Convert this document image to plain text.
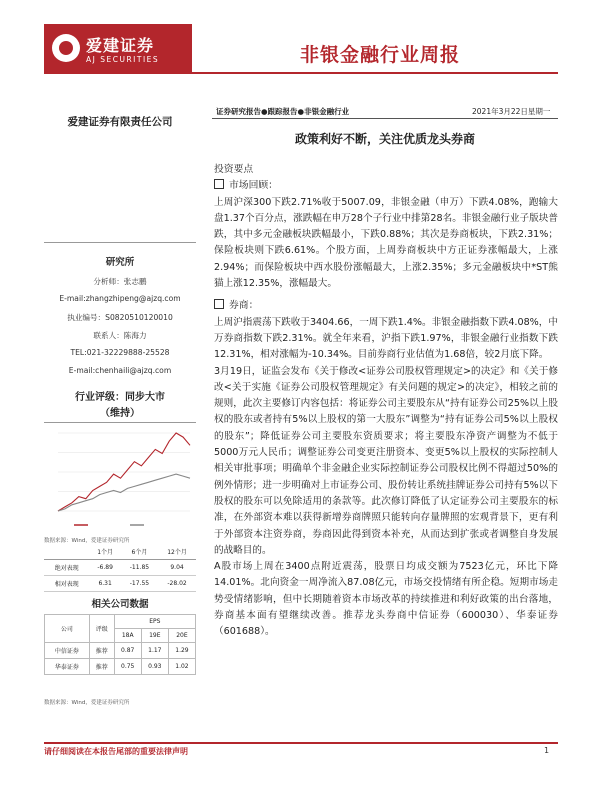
爱建证券
AJ SECURITIES	非银金融行业周报
爱建证券有限责任公司
研究所
分析师：张志鹏
E-mail:zhangzhipeng@ajzq.com
执业编号：S0820510120010
联系人：陈海力
TEL:021-32229888-25528
E-mail:chenhaili@ajzq.com
行业评级：同步大市
（维持）
数据来源：Wind，爱建证券研究所
	1个月	6个月	12个月
绝对表现	-6.89	-11.85	9.04
相对表现	6.31	-17.55	-28.02
相关公司数据
公司	评级	EPS		
		18A	19E	20E
中信证券	推荐	0.87	1.17	1.29
华泰证券	推荐	0.75	0.93	1.02
数据来源：Wind，爱建证券研究所
证券研究报告●跟踪报告●非银金融行业	2021年3月22日星期一
政策利好不断，关注优质龙头券商

投资要点

市场回顾：

上周沪深300下跌2.71%收于5007.09，非银金融（申万）下跌4.08%，跑输大盘1.37个百分点，涨跌幅在申万28个子行业中排第28名。非银金融行业子版块普跌，其中多元金融板块跌幅最小，下跌0.88%；其次是券商板块，下跌2.31%；保险板块则下跌6.61%。个股方面，上周券商板块中方正证券涨幅最大，上涨2.94%；而保险板块中西水股份涨幅最大，上涨2.35%；多元金融板块中*ST熊猫上涨12.35%，涨幅最大。

券商：

上周沪指震荡下跌收于3404.66，一周下跌1.4%。非银金融指数下跌4.08%，中万券商指数下跌2.31%。就全年来看，沪指下跌1.97%，非银金融行业指数下跌12.31%，相对涨幅为-10.34%。目前券商行业估值为1.68倍，较2月底下降。

3月19日，证监会发布《关于修改<证券公司股权管理规定>的决定》和《关于修改<关于实施《证券公司股权管理规定》有关问题的规定>的决定》，相较之前的规则，此次主要修订内容包括：将证券公司主要股东从“持有证券公司25%以上股权的股东或者持有5%以上股权的第一大股东”调整为“持有证券公司5%以上股权的股东”；降低证券公司主要股东资质要求；将主要股东净资产调整为不低于5000万元人民币；调整证券公司变更注册资本、变更5%以上股权的实际控制人相关审批事项；明确单个非金融企业实际控制证券公司股权比例不得超过50%的例外情形；进一步明确对上市证券公司、股份转让系统挂牌证券公司持有5%以下股权的股东可以免除适用的条款等。此次修订降低了认定证券公司主要股东的标准，在外部资本难以获得新增券商牌照只能转向存量牌照的宏观背景下，更有利于外部资本注资券商，券商因此得到资本补充，从而达到扩张或者调整自身发展的战略目的。

A股市场上周在3400点附近震荡，股票日均成交额为7523亿元，环比下降14.01%。北向资金一周净流入87.08亿元，市场交投情绪有所企稳。短期市场走势受情绪影响，但中长期随着资本市场改革的持续推进和利好政策的出台落地，券商基本面有望继续改善。推荐龙头券商中信证券（600030）、华泰证券（601688）。

请仔细阅读在本报告尾部的重要法律声明	1
